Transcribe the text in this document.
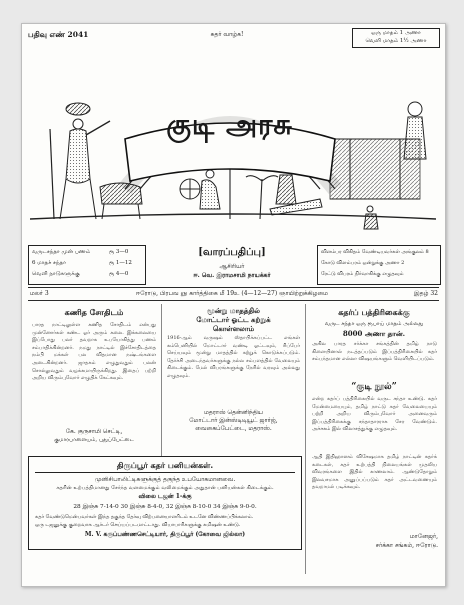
பதிவு எண் 2041	கதர் வாழ்க!	ஒரு மாதம் 1 அணா
வெளி மாதம் 1½ அணா
குடி அரசு
வருடசந்தா முன் பணம்	ரூ 3—0
6 மாதச் சந்தா	ரூ 1—12
வெளி நாடுகளுக்கு	ரூ 4—0
[வாரப்பதிப்பு]
ஆசிரியர்
ஈ. வெ. இராமசாமி நாயக்கர்
விளம்பர விகிதம் வேண்டியவர்கள் அங்குலம் 8
கோடு விளம்பரம் ஒன்றுக்கு அணா 2
ரேட்டு விபரம் நிர்வாகிக்கு எழுதவும்
மலர் 3	ஈரோடு, பிரபவ ஞு கார்த்திகை மீ 19உ (4—12—27) ஞாயிற்றுக்கிழமை	இதழ் 32
கணித சோதிடம்
பாரத நாட்டிலுள்ள கணித சோதிடம் என்பது முன்னோர்கள் கண்ட ஓர் அரும் கலை. இக்கலையை இப்போது பலர் தவறாக உபயோகித்து பணம் சம்பாதிக்கின்றனர். நமது நாட்டில் இச்சோதிடத்தை நம்பி மக்கள் பல விதமான நஷ்டங்களை அடைகின்றனர். ஜாதகம் எழுதுவதும் பலன் சொல்லுவதும் வழக்கமாயிருக்கிறது. இதைப் பற்றி அறிய விரும்புவோர் எழுதிக் கேட்கவும்.
கே. குருசாமி செட்டி,
குமாரபாளையம், புதுப்பேட்டை
மூன்று மாதத்தில்
மோட்டார் ஓட்ட கற்றுக்
கொள்ளலாம்
1916-ஆம் வருஷம் ஸ்தாபிக்கப்பட்ட எங்கள் கம்பெனியில் மோட்டார் வண்டி ஓட்டவும், ரிப்பேர் செய்யவும் மூன்று மாதத்தில் கற்றுக் கொடுக்கப்படும். தேர்ச்சி அடைந்தவர்களுக்கு நல்ல சம்பளத்தில் வேலையும் கிடைக்கும். மேல் விபரங்களுக்கு நேரில் வரவும் அல்லது எழுதவும்.
மதராஸ் தென்னிந்திய
மோட்டார் இன்ஸ்டிடியூட் ஜார்ஜ்,
வைகைப்பேட்டை, மதராஸ்.
கதர்ப் பத்திரிகைக்கு
வருட சந்தா ஒரு ரூபாய் மாதம் அல்லது
8000 அணா தான்.
அகில பாரத சர்க்கா சங்கத்தின் தமிழ் நாடு கிளையினால் நடத்தப்படும் இப்பத்திரிகையில் கதர் சம்பந்தமான எல்லா விஷயங்களும் வெளியிடப்படும்.
“குடி நூல்”
என்ற கதர்ப் பத்திரிகையில் வருட சந்தா உண்டு. கதர் மேன்மையையும், தமிழ் நாட்டு கதர் வேலையையும் பற்றி அறிய விரும்புவோர் அனைவரும் இப்பத்திரிகைக்கு சந்தாதாரராக சேர வேண்டும். அச்சகம் இல் விலாசத்துக்கு எழுதவும்.
ஆதி இதிஹாஸம் விசேஷமாக தமிழ் நாட்டின் கதர்க் கடைகள், கதர் உற்பத்தி நிலையங்கள் முதலிய விவரங்களை இதில் காணலாம். ஆண்டுதோறும் இலவசமாக அனுப்பப்படும் கதர் அட்டவணையும் தவறாமல் படிக்கவும்.
மானேஜர்,
சர்க்கா சங்கம், ஈரோடு.
திருப்பூர் கதர் பனியன்கள்.
முனிசிபாலிட்டிகளுக்குத் தகுந்த உபயோகமானவை.
கதரின் உற்பத்திமானது சேர்ந்த வளமைக்கும் வலிமைக்கும் அதுதான் பனியன்கள் கிடைக்கும்.
விலை டஜன் 1-க்கு
28 இஞ்சு 7-14-0 30 இஞ்சு 8-4-0, 32 இஞ்சு 8-10-0 34 இஞ்சு 9-0-0.
கதர் வேண்டுமென்பவர்கள் இந்த தகுந்த தேர்வு விற்பனையாளரிடம் உடனே விண்ணப்பிக்கலாம்.
ஒரு டஜனுக்கு குறைவாக ஆர்டர் செய்யப்படமாட்டாது. வியாபாரிகளுக்கு கமிஷன் உண்டு.
M. V. கருப்பண்ணசெட்டியார், திருப்பூர் (கோவை ஜில்லா)
